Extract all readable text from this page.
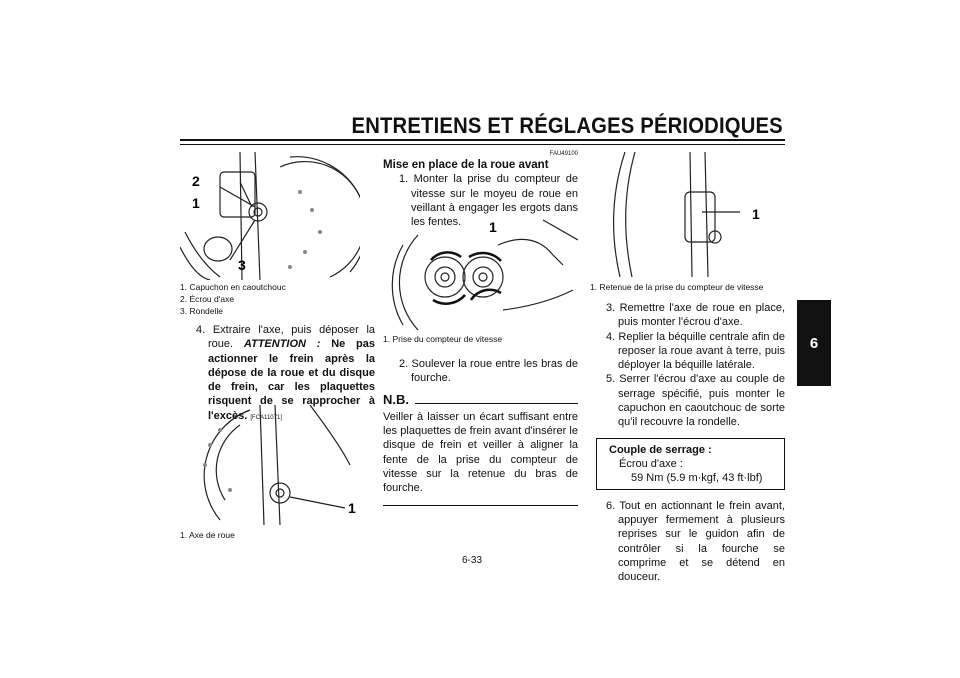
ENTRETIENS ET RÉGLAGES PÉRIODIQUES
6
2
1
3
1. Capuchon en caoutchouc
2. Écrou d'axe
3. Rondelle

4. Extraire l'axe, puis déposer la roue. ATTENTION : Ne pas actionner le frein après la dépose de la roue et du disque de frein, car les plaquettes risquent de se rapprocher à l'excès. [FCA11071]

1
1. Axe de roue
FAU49100
Mise en place de la roue avant

1. Monter la prise du compteur de vitesse sur le moyeu de roue en veillant à engager les ergots dans les fentes.	1
1. Prise du compteur de vitesse

2. Soulever la roue entre les bras de fourche.

N.B.

Veiller à laisser un écart suffisant entre les plaquettes de frein avant d'insérer le disque de frein et veiller à aligner la fente de la prise du compteur de vitesse sur la retenue du bras de fourche.

1
1. Retenue de la prise du compteur de vitesse

3. Remettre l'axe de roue en place, puis monter l'écrou d'axe.

4. Replier la béquille centrale afin de reposer la roue avant à terre, puis déployer la béquille latérale.

5. Serrer l'écrou d'axe au couple de serrage spécifié, puis monter le capuchon en caoutchouc de sorte qu'il recouvre la rondelle.

Couple de serrage :
Écrou d'axe :
59 Nm (5.9 m·kgf, 43 ft·lbf)

6. Tout en actionnant le frein avant, appuyer fermement à plusieurs reprises sur le guidon afin de contrôler si la fourche se comprime et se détend en douceur.

6-33
